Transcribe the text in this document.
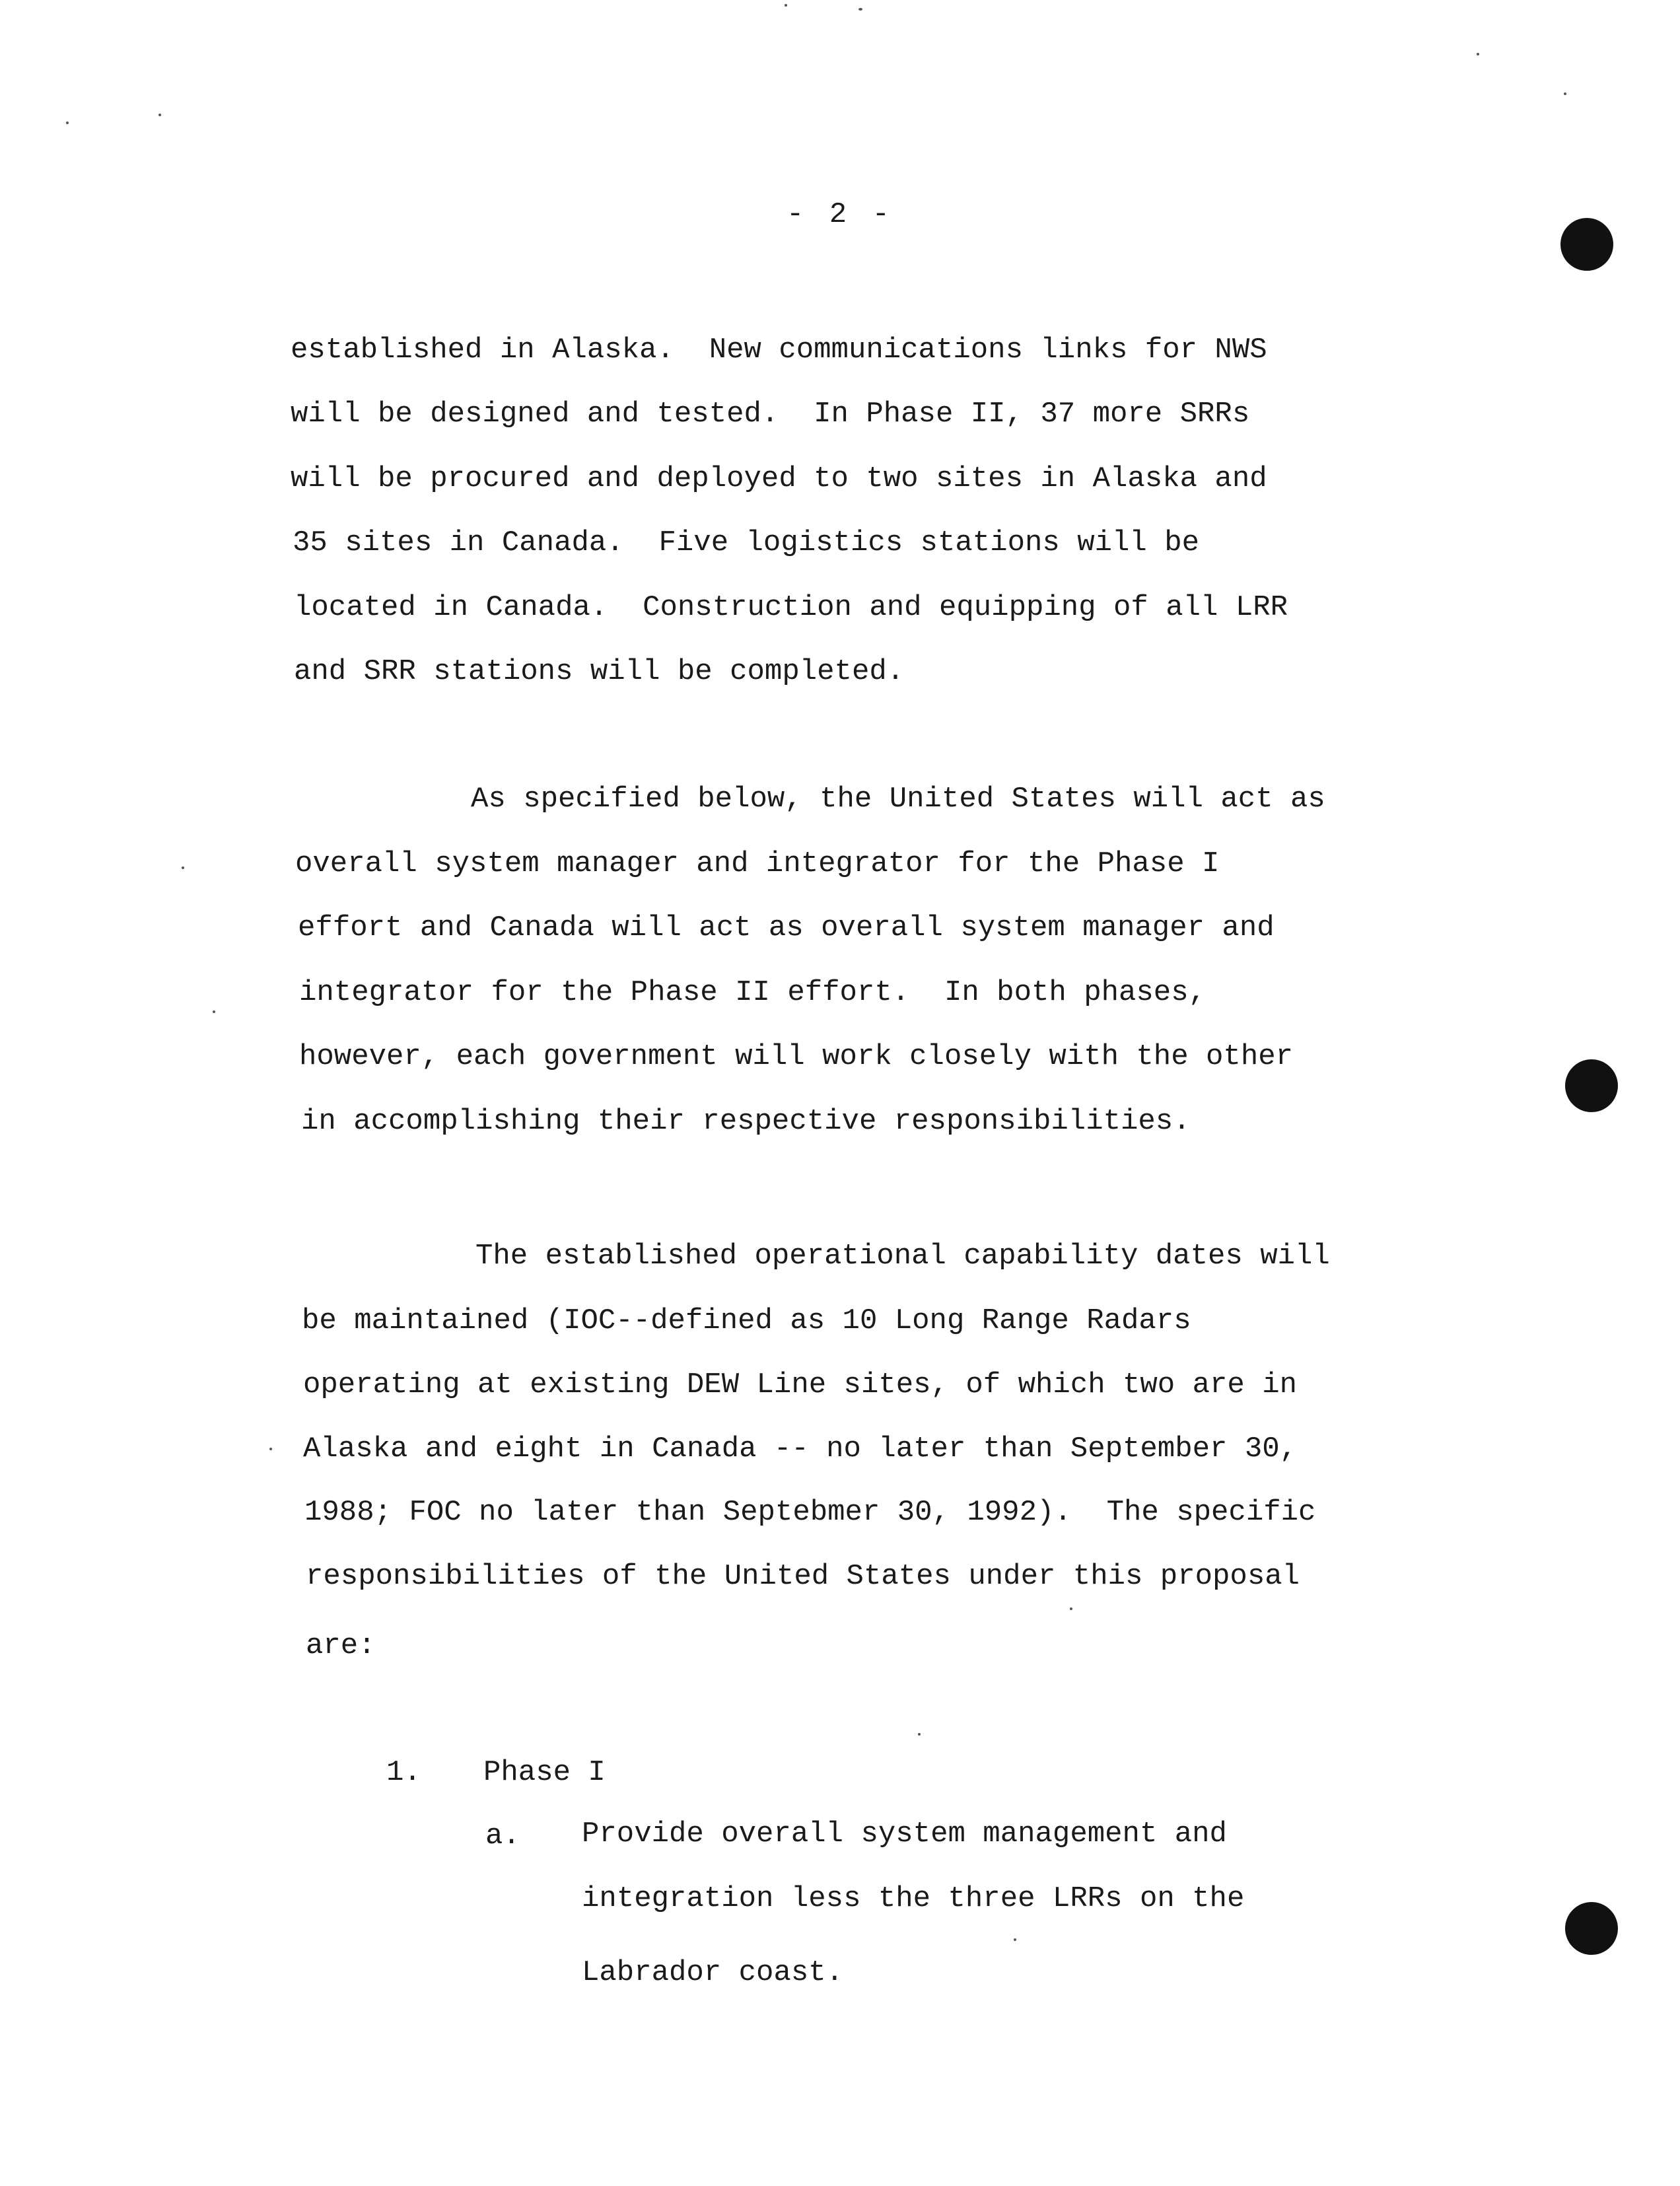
- 2 -
established in Alaska.  New communications links for NWS
will be designed and tested.  In Phase II, 37 more SRRs
will be procured and deployed to two sites in Alaska and
35 sites in Canada.  Five logistics stations will be
located in Canada.  Construction and equipping of all LRR
and SRR stations will be completed.
As specified below, the United States will act as
overall system manager and integrator for the Phase I
effort and Canada will act as overall system manager and
integrator for the Phase II effort.  In both phases,
however, each government will work closely with the other
in accomplishing their respective responsibilities.
The established operational capability dates will
be maintained (IOC--defined as 10 Long Range Radars
operating at existing DEW Line sites, of which two are in
Alaska and eight in Canada -- no later than September 30,
1988; FOC no later than Septebmer 30, 1992).  The specific
responsibilities of the United States under this proposal
are:
1. Phase I
a. Provide overall system management and
integration less the three LRRs on the
Labrador coast.
